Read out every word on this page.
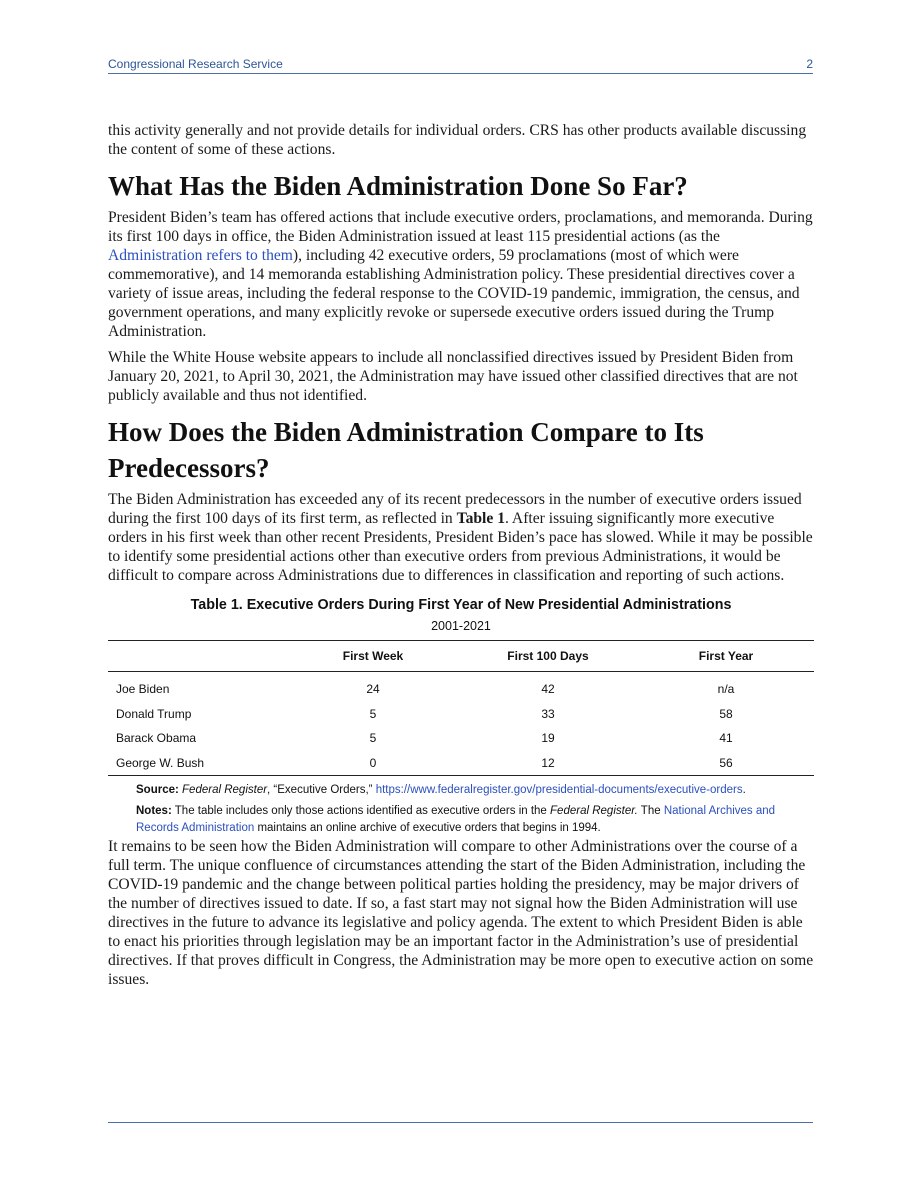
Congressional Research Service	2

this activity generally and not provide details for individual orders. CRS has other products available discussing the content of some of these actions.

What Has the Biden Administration Done So Far?

President Biden’s team has offered actions that include executive orders, proclamations, and memoranda. During its first 100 days in office, the Biden Administration issued at least 115 presidential actions (as the Administration refers to them), including 42 executive orders, 59 proclamations (most of which were commemorative), and 14 memoranda establishing Administration policy. These presidential directives cover a variety of issue areas, including the federal response to the COVID-19 pandemic, immigration, the census, and government operations, and many explicitly revoke or supersede executive orders issued during the Trump Administration.

While the White House website appears to include all nonclassified directives issued by President Biden from January 20, 2021, to April 30, 2021, the Administration may have issued other classified directives that are not publicly available and thus not identified.

How Does the Biden Administration Compare to Its Predecessors?

The Biden Administration has exceeded any of its recent predecessors in the number of executive orders issued during the first 100 days of its first term, as reflected in Table 1. After issuing significantly more executive orders in his first week than other recent Presidents, President Biden’s pace has slowed. While it may be possible to identify some presidential actions other than executive orders from previous Administrations, it would be difficult to compare across Administrations due to differences in classification and reporting of such actions.

Table 1. Executive Orders During First Year of New Presidential Administrations
2001-2021
	First Week	First 100 Days	First Year
Joe Biden	24	42	n/a
Donald Trump	5	33	58
Barack Obama	5	19	41
George W. Bush	0	12	56
Source: Federal Register, “Executive Orders,” https://www.federalregister.gov/presidential-documents/executive-orders.
Notes: The table includes only those actions identified as executive orders in the Federal Register. The National Archives and Records Administration maintains an online archive of executive orders that begins in 1994.

It remains to be seen how the Biden Administration will compare to other Administrations over the course of a full term. The unique confluence of circumstances attending the start of the Biden Administration, including the COVID-19 pandemic and the change between political parties holding the presidency, may be major drivers of the number of directives issued to date. If so, a fast start may not signal how the Biden Administration will use directives in the future to advance its legislative and policy agenda. The extent to which President Biden is able to enact his priorities through legislation may be an important factor in the Administration’s use of presidential directives. If that proves difficult in Congress, the Administration may be more open to executive action on some issues.
